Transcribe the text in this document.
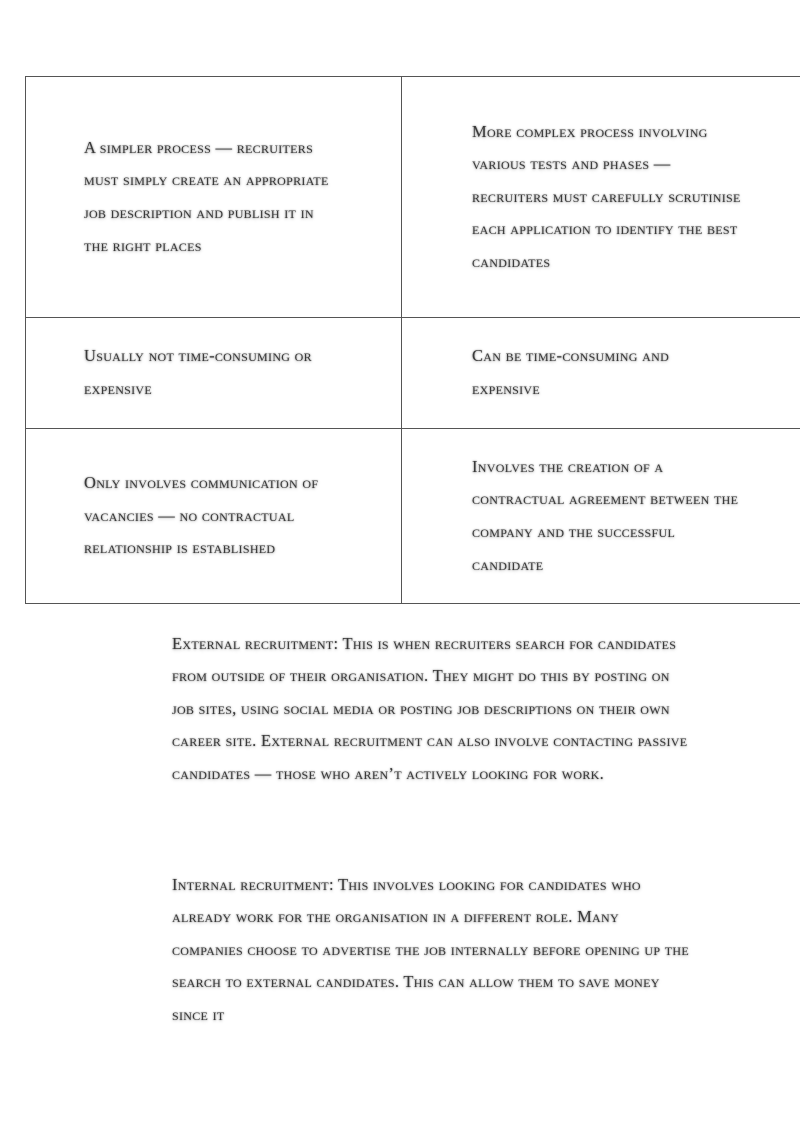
A simpler process — recruiters must simply create an appropriate job description and publish it in the right places	More complex process involving various tests and phases — recruiters must carefully scrutinise each application to identify the best candidates

Usually not time-consuming or expensive	Can be time-consuming and expensive

Only involves communication of vacancies — no contractual relationship is established	Involves the creation of a contractual agreement between the company and the successful candidate

External recruitment: This is when recruiters search for candidates from outside of their organisation. They might do this by posting on job sites, using social media or posting job descriptions on their own career site. External recruitment can also involve contacting passive candidates — those who aren’t actively looking for work.

Internal recruitment: This involves looking for candidates who already work for the organisation in a different role. Many companies choose to advertise the job internally before opening up the search to external candidates. This can allow them to save money since it
